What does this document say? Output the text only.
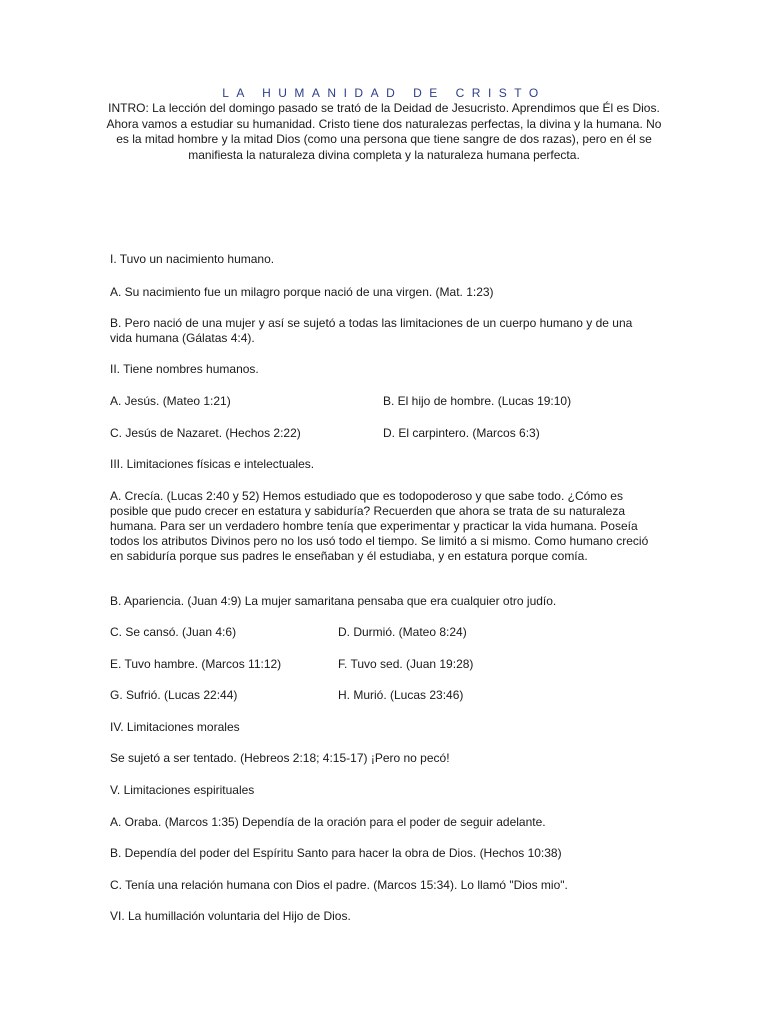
LA HUMANIDAD DE CRISTO
INTRO: La lección del domingo pasado se trató de la Deidad de Jesucristo. Aprendimos que Él es Dios. Ahora vamos a estudiar su humanidad. Cristo tiene dos naturalezas perfectas, la divina y la humana. No es la mitad hombre y la mitad Dios (como una persona que tiene sangre de dos razas), pero en él se manifiesta la naturaleza divina completa y la naturaleza humana perfecta.
I. Tuvo un nacimiento humano.
A. Su nacimiento fue un milagro porque nació de una virgen. (Mat. 1:23)
B. Pero nació de una mujer y así se sujetó a todas las limitaciones de un cuerpo humano y de una vida humana (Gálatas 4:4).
II. Tiene nombres humanos.
A. Jesús. (Mateo 1:21)	B. El hijo de hombre. (Lucas 19:10)
C. Jesús de Nazaret. (Hechos 2:22)	D. El carpintero. (Marcos 6:3)
III. Limitaciones físicas e intelectuales.
A. Crecía. (Lucas 2:40 y 52) Hemos estudiado que es todopoderoso y que sabe todo. ¿Cómo es posible que pudo crecer en estatura y sabiduría? Recuerden que ahora se trata de su naturaleza humana. Para ser un verdadero hombre tenía que experimentar y practicar la vida humana. Poseía todos los atributos Divinos pero no los usó todo el tiempo. Se limitó a si mismo. Como humano creció en sabiduría porque sus padres le enseñaban y él estudiaba, y en estatura porque comía.
B. Apariencia. (Juan 4:9) La mujer samaritana pensaba que era cualquier otro judío.
C. Se cansó. (Juan 4:6)	D. Durmió. (Mateo 8:24)
E. Tuvo hambre. (Marcos 11:12)	F. Tuvo sed. (Juan 19:28)
G. Sufrió. (Lucas 22:44)	H. Murió. (Lucas 23:46)
IV. Limitaciones morales
Se sujetó a ser tentado. (Hebreos 2:18; 4:15-17) ¡Pero no pecó!
V. Limitaciones espirituales
A. Oraba. (Marcos 1:35) Dependía de la oración para el poder de seguir adelante.
B. Dependía del poder del Espíritu Santo para hacer la obra de Dios. (Hechos 10:38)
C. Tenía una relación humana con Dios el padre. (Marcos 15:34). Lo llamó "Dios mio".
VI. La humillación voluntaria del Hijo de Dios.
